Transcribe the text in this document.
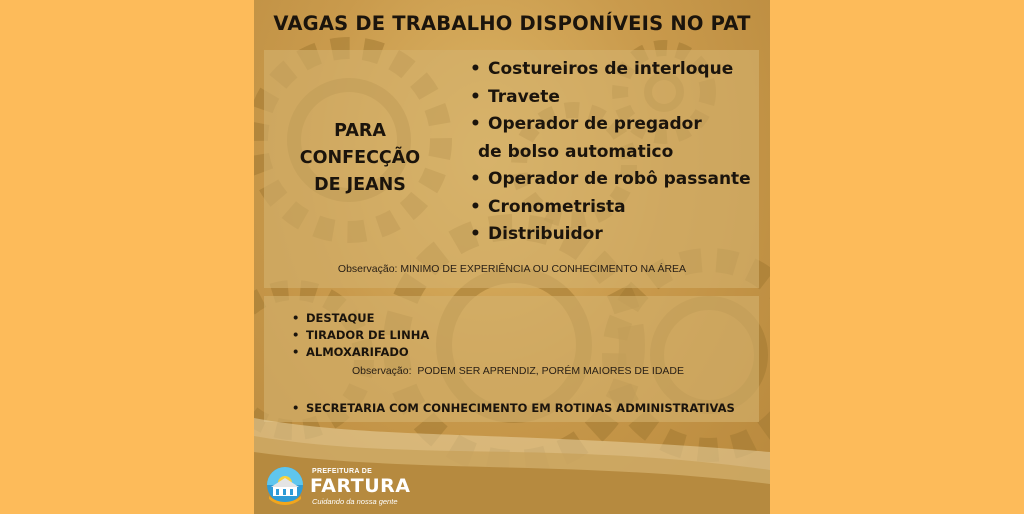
VAGAS DE TRABALHO DISPONÍVEIS NO PAT
PARA
CONFECÇÃO
DE JEANS
• Costureiros de interloque
• Travete
• Operador de pregador
de bolso automatico
• Operador de robô passante
• Cronometrista
• Distribuidor
Observação: MINIMO DE EXPERIÊNCIA OU CONHECIMENTO NA ÁREA
• DESTAQUE
• TIRADOR DE LINHA
• ALMOXARIFADO
Observação:  PODEM SER APRENDIZ, PORÉM MAIORES DE IDADE
• SECRETARIA COM CONHECIMENTO EM ROTINAS ADMINISTRATIVAS
PREFEITURA DE
FARTURA
Cuidando da nossa gente
